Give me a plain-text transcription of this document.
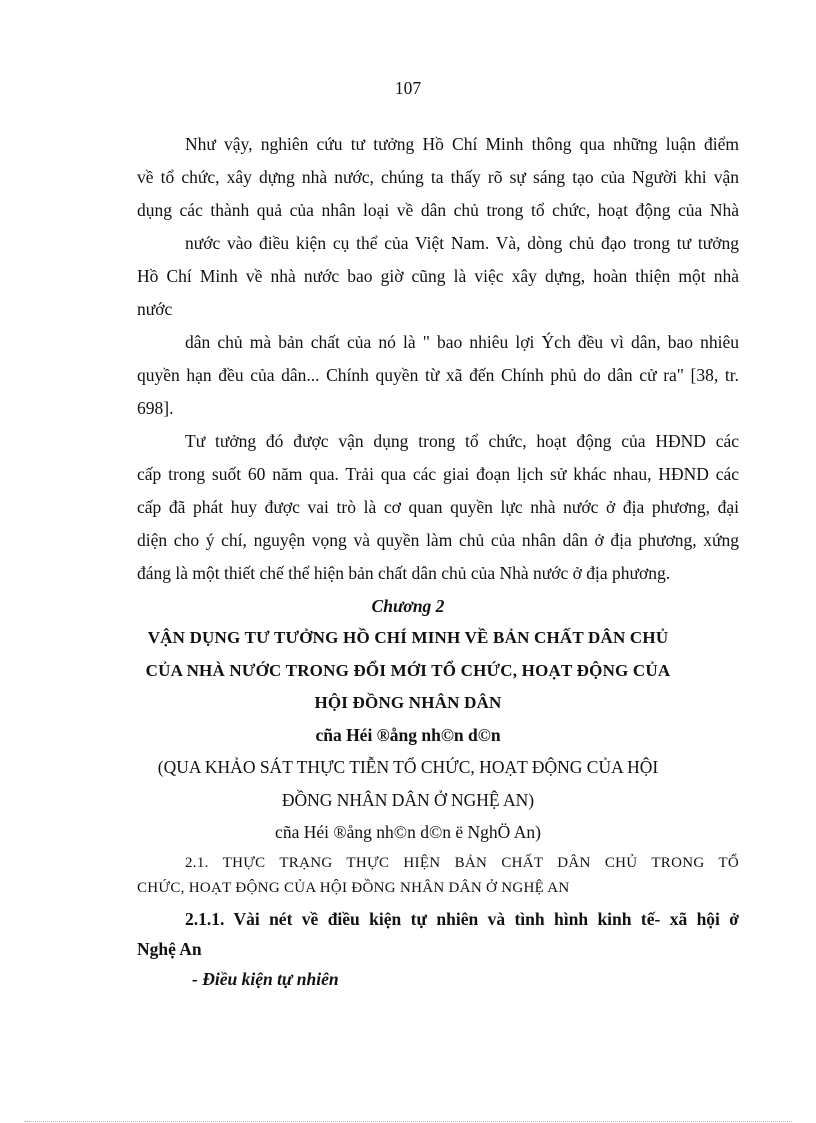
107
Như vậy, nghiên cứu tư tưởng Hồ Chí Minh thông qua những luận điểm
về tổ chức, xây dựng nhà nước, chúng ta thấy rõ sự sáng tạo của Người khi vận
dụng các thành quả của nhân loại về dân chủ trong tổ chức, hoạt động của Nhà
nước vào điều kiện cụ thể của Việt Nam. Và, dòng chủ đạo trong tư tưởng
Hồ Chí Minh về nhà nước bao giờ cũng là việc xây dựng, hoàn thiện một nhà
nước
dân chủ mà bản chất của nó là " bao nhiêu lợi Ých đều vì dân, bao nhiêu
quyền hạn đều của dân... Chính quyền từ xã đến Chính phủ do dân cử ra" [38, tr.
698].
Tư tưởng đó được vận dụng trong tổ chức, hoạt động của HĐND các
cấp trong suốt 60 năm qua. Trải qua các giai đoạn lịch sử khác nhau, HĐND các
cấp đã phát huy được vai trò là cơ quan quyền lực nhà nước ở địa phương, đại
diện cho ý chí, nguyện vọng và quyền làm chủ của nhân dân ở địa phương, xứng
đáng là một thiết chế thể hiện bản chất dân chủ của Nhà nước ở địa phương.
Chương 2
VẬN DỤNG TƯ TƯỞNG HỒ CHÍ MINH VỀ BẢN CHẤT DÂN CHỦ
CỦA NHÀ NƯỚC TRONG ĐỔI MỚI TỔ CHỨC, HOẠT ĐỘNG CỦA
HỘI ĐỒNG NHÂN DÂN
cña Héi ®ång nh©n d©n
(QUA KHẢO SÁT THỰC TIỄN TỔ CHỨC, HOẠT ĐỘNG CỦA HỘI
ĐỒNG NHÂN DÂN Ở NGHỆ AN)
cña Héi ®ång nh©n d©n ë NghÖ An)
2.1. THỰC TRẠNG THỰC HIỆN BẢN CHẤT DÂN CHỦ TRONG TỔ
CHỨC, HOẠT ĐỘNG CỦA HỘI ĐỒNG NHÂN DÂN Ở NGHỆ AN
2.1.1. Vài nét về điều kiện tự nhiên và tình hình kinh tế- xã hội ở
Nghệ An
- Điều kiện tự nhiên
